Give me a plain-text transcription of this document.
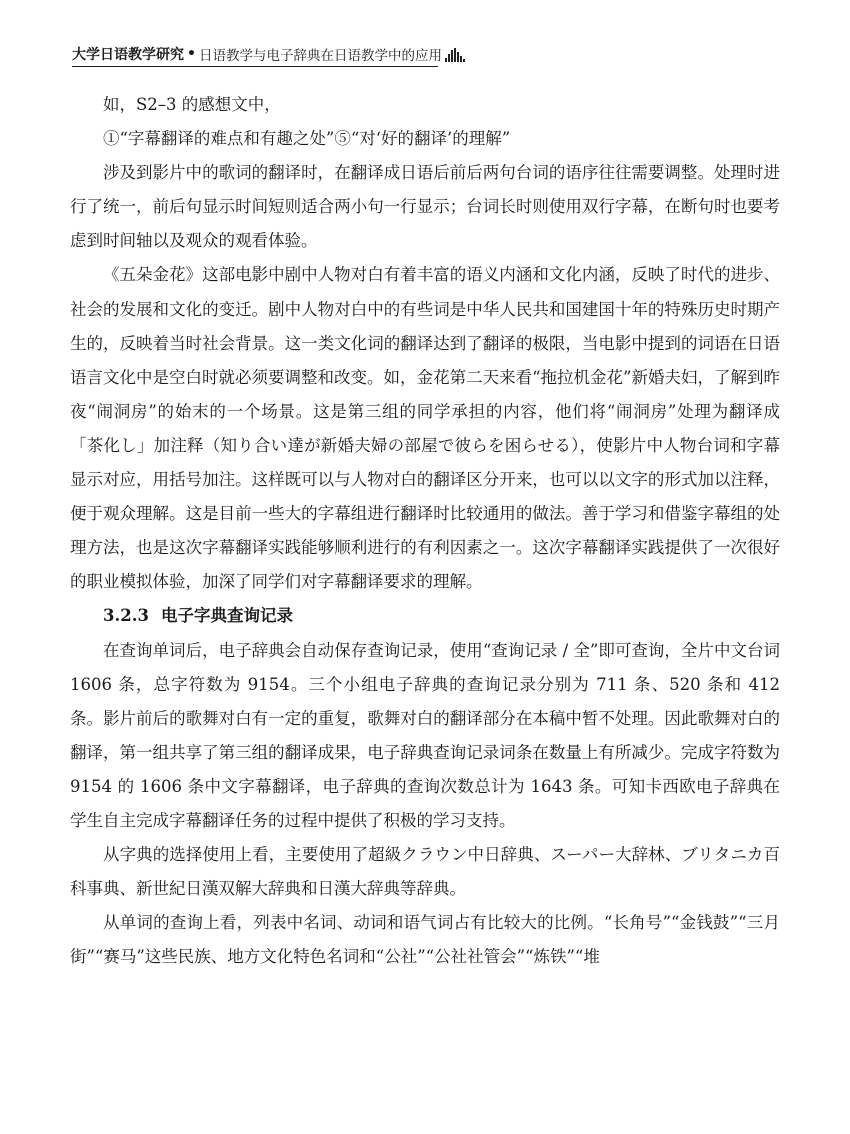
大学日语教学研究 • 日语教学与电子辞典在日语教学中的应用

如，S2–3 的感想文中，

①“字幕翻译的难点和有趣之处”⑤“对‘好的翻译’的理解”

涉及到影片中的歌词的翻译时，在翻译成日语后前后两句台词的语序往往需要调整。处理时进行了统一，前后句显示时间短则适合两小句一行显示；台词长时则使用双行字幕，在断句时也要考虑到时间轴以及观众的观看体验。

《五朵金花》这部电影中剧中人物对白有着丰富的语义内涵和文化内涵，反映了时代的进步、社会的发展和文化的变迁。剧中人物对白中的有些词是中华人民共和国建国十年的特殊历史时期产生的，反映着当时社会背景。这一类文化词的翻译达到了翻译的极限，当电影中提到的词语在日语语言文化中是空白时就必须要调整和改变。如，金花第二天来看“拖拉机金花”新婚夫妇，了解到昨夜“闹洞房”的始末的一个场景。这是第三组的同学承担的内容，他们将“闹洞房”处理为翻译成「茶化し」加注释（知り合い達が新婚夫婦の部屋で彼らを困らせる），使影片中人物台词和字幕显示对应，用括号加注。这样既可以与人物对白的翻译区分开来，也可以以文字的形式加以注释，便于观众理解。这是目前一些大的字幕组进行翻译时比较通用的做法。善于学习和借鉴字幕组的处理方法，也是这次字幕翻译实践能够顺利进行的有利因素之一。这次字幕翻译实践提供了一次很好的职业模拟体验，加深了同学们对字幕翻译要求的理解。

3.2.3 电子字典查询记录

在查询单词后，电子辞典会自动保存查询记录，使用“查询记录 / 全”即可查询，全片中文台词 1606 条，总字符数为 9154。三个小组电子辞典的查询记录分别为 711 条、520 条和 412 条。影片前后的歌舞对白有一定的重复，歌舞对白的翻译部分在本稿中暂不处理。因此歌舞对白的翻译，第一组共享了第三组的翻译成果，电子辞典查询记录词条在数量上有所减少。完成字符数为 9154 的 1606 条中文字幕翻译，电子辞典的查询次数总计为 1643 条。可知卡西欧电子辞典在学生自主完成字幕翻译任务的过程中提供了积极的学习支持。

从字典的选择使用上看，主要使用了超級クラウン中日辞典、スーパー大辞林、ブリタニカ百科事典、新世紀日漢双解大辞典和日漢大辞典等辞典。

从单词的查询上看，列表中名词、动词和语气词占有比较大的比例。“长角号”“金钱鼓”“三月街”“赛马”这些民族、地方文化特色名词和“公社”“公社社管会”“炼铁”“堆
